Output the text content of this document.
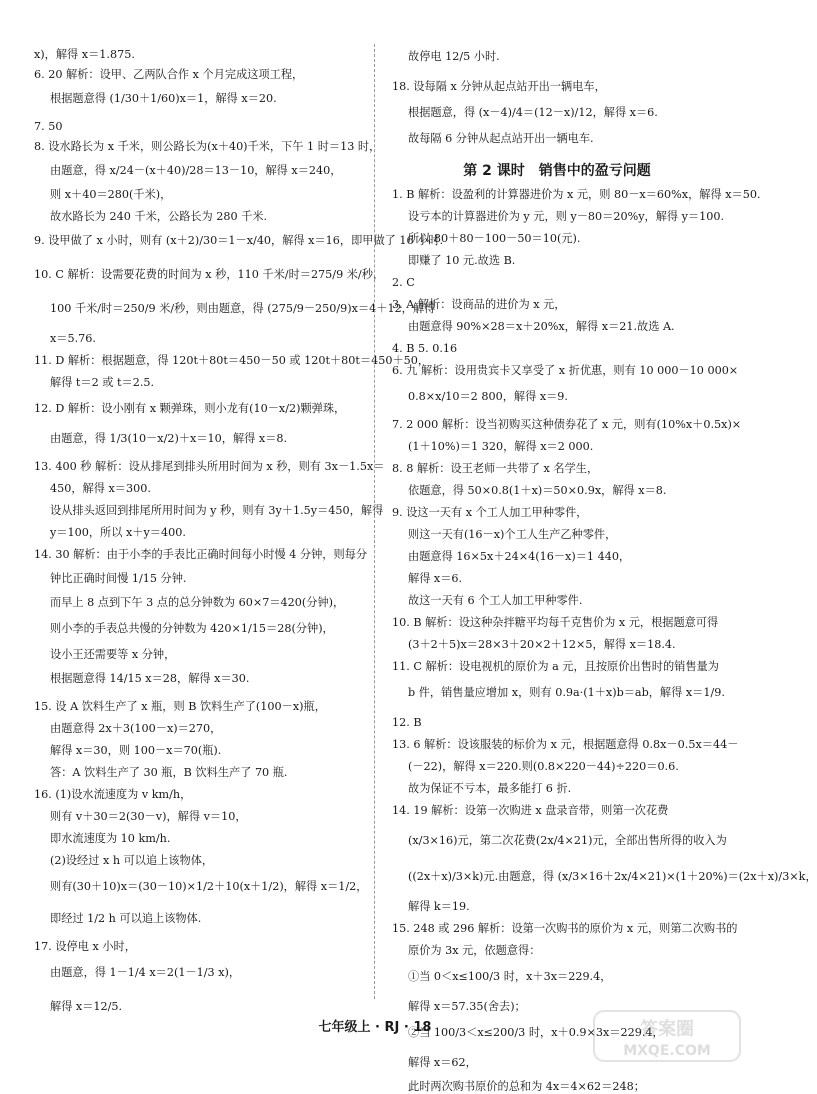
x)，解得 x＝1.875.
6. 20 解析：设甲、乙两队合作 x 个月完成这项工程，
根据题意得 (1/30＋1/60)x＝1，解得 x＝20.
7. 50
8. 设水路长为 x 千米，则公路长为(x＋40)千米，下午 1 时＝13 时，
由题意，得 x/24－(x＋40)/28＝13－10，解得 x＝240，
则 x＋40＝280(千米)，
故水路长为 240 千米，公路长为 280 千米.
9. 设甲做了 x 小时，则有 (x＋2)/30＝1－x/40，解得 x＝16，即甲做了 16 小时.
10. C 解析：设需要花费的时间为 x 秒，110 千米/时＝275/9 米/秒，
100 千米/时＝250/9 米/秒，则由题意，得 (275/9－250/9)x＝4＋12，解得
x＝5.76.
11. D 解析：根据题意，得 120t＋80t＝450－50 或 120t＋80t＝450＋50，
解得 t＝2 或 t＝2.5.
12. D 解析：设小刚有 x 颗弹珠，则小龙有(10－x/2)颗弹珠，
由题意，得 1/3(10－x/2)＋x＝10，解得 x＝8.
13. 400 秒 解析：设从排尾到排头所用时间为 x 秒，则有 3x－1.5x＝
450，解得 x＝300.
设从排头返回到排尾所用时间为 y 秒，则有 3y＋1.5y＝450，解得
y＝100，所以 x＋y＝400.
14. 30 解析：由于小李的手表比正确时间每小时慢 4 分钟，则每分
钟比正确时间慢 1/15 分钟.
而早上 8 点到下午 3 点的总分钟数为 60×7＝420(分钟)，
则小李的手表总共慢的分钟数为 420×1/15＝28(分钟)，
设小王还需要等 x 分钟，
根据题意得 14/15 x＝28，解得 x＝30.
15. 设 A 饮料生产了 x 瓶，则 B 饮料生产了(100－x)瓶，
由题意得 2x＋3(100－x)＝270，
解得 x＝30，则 100－x＝70(瓶).
答：A 饮料生产了 30 瓶，B 饮料生产了 70 瓶.
16. (1)设水流速度为 v km/h，
则有 v＋30＝2(30－v)，解得 v＝10，
即水流速度为 10 km/h.
(2)设经过 x h 可以追上该物体，
则有(30＋10)x＝(30－10)×1/2＋10(x＋1/2)，解得 x＝1/2，
即经过 1/2 h 可以追上该物体.
17. 设停电 x 小时，
由题意，得 1－1/4 x＝2(1－1/3 x)，
解得 x＝12/5.
第 2 课时　销售中的盈亏问题
故停电 12/5 小时.
18. 设每隔 x 分钟从起点站开出一辆电车，
根据题意，得 (x－4)/4＝(12－x)/12，解得 x＝6.
故每隔 6 分钟从起点站开出一辆电车.
1. B 解析：设盈利的计算器进价为 x 元，则 80－x＝60%x，解得 x＝50.
设亏本的计算器进价为 y 元，则 y－80＝20%y，解得 y＝100.
所以 80＋80－100－50＝10(元).
即赚了 10 元.故选 B.
2. C
3. A 解析：设商品的进价为 x 元，
由题意得 90%×28＝x＋20%x，解得 x＝21.故选 A.
4. B 5. 0.16
6. 九 解析：设用贵宾卡又享受了 x 折优惠，则有 10 000－10 000×
0.8×x/10＝2 800，解得 x＝9.
7. 2 000 解析：设当初购买这种债券花了 x 元，则有(10%x＋0.5x)×
(1＋10%)＝1 320，解得 x＝2 000.
8. 8 解析：设王老师一共带了 x 名学生，
依题意，得 50×0.8(1＋x)＝50×0.9x，解得 x＝8.
9. 设这一天有 x 个工人加工甲种零件，
则这一天有(16－x)个工人生产乙种零件，
由题意得 16×5x＋24×4(16－x)＝1 440，
解得 x＝6.
故这一天有 6 个工人加工甲种零件.
10. B 解析：设这种杂拌糖平均每千克售价为 x 元，根据题意可得
(3＋2＋5)x＝28×3＋20×2＋12×5，解得 x＝18.4.
11. C 解析：设电视机的原价为 a 元，且按原价出售时的销售量为
b 件，销售量应增加 x，则有 0.9a·(1＋x)b＝ab，解得 x＝1/9.
12. B
13. 6 解析：设该服装的标价为 x 元，根据题意得 0.8x－0.5x＝44－
(－22)，解得 x＝220.则(0.8×220－44)÷220＝0.6.
故为保证不亏本，最多能打 6 折.
14. 19 解析：设第一次购进 x 盘录音带，则第一次花费
(x/3×16)元，第二次花费(2x/4×21)元，全部出售所得的收入为
((2x＋x)/3×k)元.由题意，得 (x/3×16＋2x/4×21)×(1＋20%)＝(2x＋x)/3×k，
解得 k＝19.
15. 248 或 296 解析：设第一次购书的原价为 x 元，则第二次购书的
原价为 3x 元，依题意得：
①当 0＜x≤100/3 时，x＋3x＝229.4，
解得 x＝57.35(舍去)；
②当 100/3＜x≤200/3 时，x＋0.9×3x＝229.4，
解得 x＝62，
此时两次购书原价的总和为 4x＝4×62＝248；
七年级上 · RJ · 18	答案圈
MXQE.COM
